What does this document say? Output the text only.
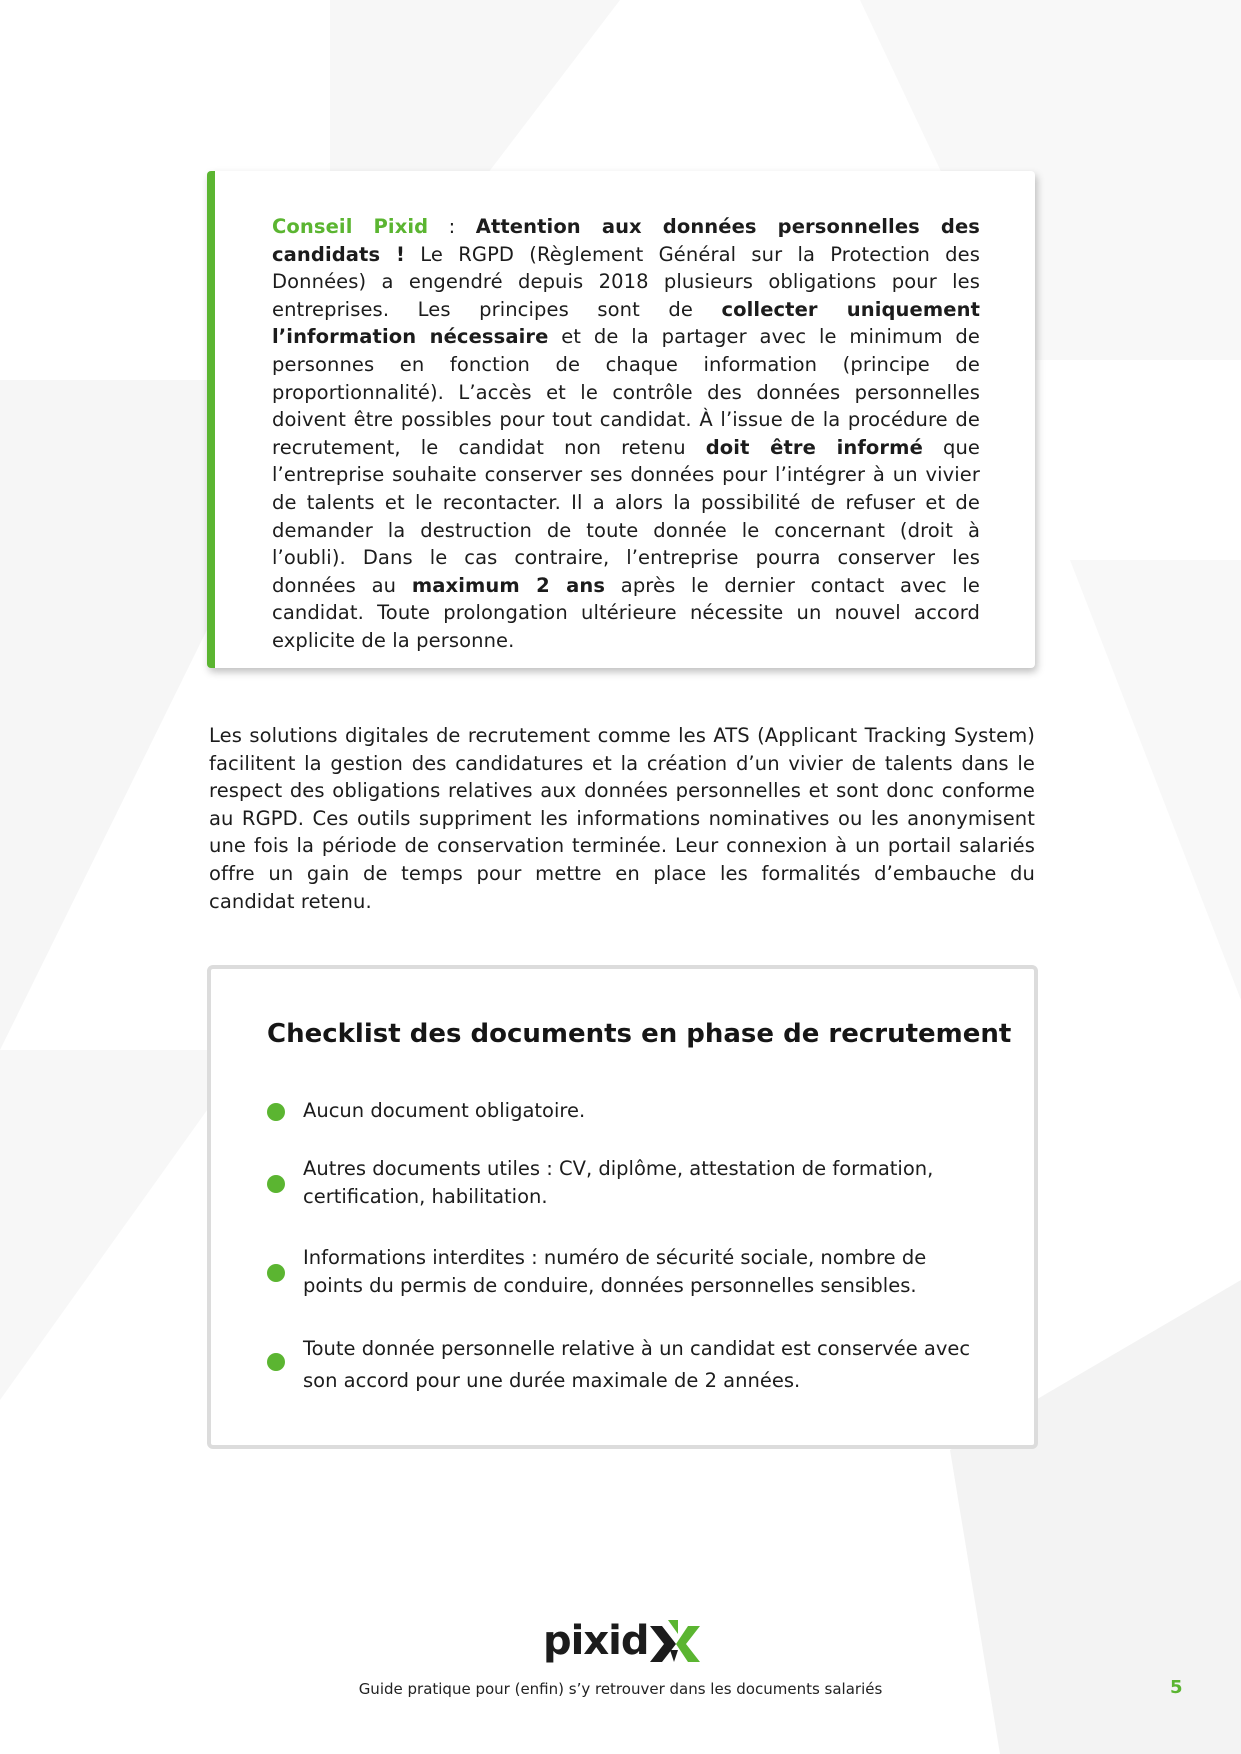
Conseil Pixid : Attention aux données personnelles des candidats ! Le RGPD (Règlement Général sur la Protection des Données) a engendré depuis 2018 plusieurs obligations pour les entreprises. Les principes sont de collecter uniquement l’information nécessaire et de la partager avec le minimum de personnes en fonction de chaque information (principe de proportionnalité). L’accès et le contrôle des données personnelles doivent être possibles pour tout candidat. À l’issue de la procédure de recrutement, le candidat non retenu doit être informé que l’entreprise souhaite conserver ses données pour l’intégrer à un vivier de talents et le recontacter. Il a alors la possibilité de refuser et de demander la destruction de toute donnée le concernant (droit à l’oubli). Dans le cas contraire, l’entreprise pourra conserver les données au maximum 2 ans après le dernier contact avec le candidat. Toute prolongation ultérieure nécessite un nouvel accord explicite de la personne.
Les solutions digitales de recrutement comme les ATS (Applicant Tracking System) facilitent la gestion des candidatures et la création d’un vivier de talents dans le respect des obligations relatives aux données personnelles et sont donc conforme au RGPD. Ces outils suppriment les informations nominatives ou les anonymisent une fois la période de conservation terminée. Leur connexion à un portail salariés offre un gain de temps pour mettre en place les formalités d’embauche du candidat retenu.
Checklist des documents en phase de recrutement
Aucun document obligatoire.
Autres documents utiles : CV, diplôme, attestation de formation, certification, habilitation.
Informations interdites : numéro de sécurité sociale, nombre de points du permis de conduire, données personnelles sensibles.
Toute donnée personnelle relative à un candidat est conservée avec son accord pour une durée maximale de 2 années.
pixid
Guide pratique pour (enfin) s’y retrouver dans les documents salariés	5
